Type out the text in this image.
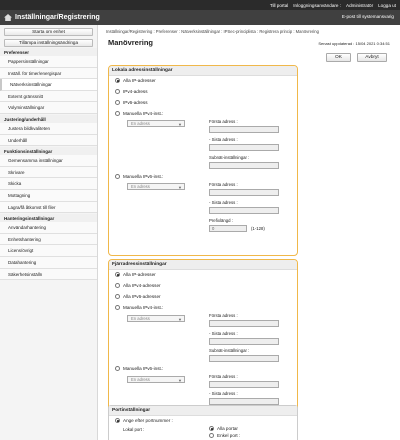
Till portal Inloggningsanvändare : Administratör Logga ut
Inställningar/Registrering	E-post till systemansvarig
Starta om enhet
Tillämpa inställningsändringa
Preferenser
Pappersinställningar
Inställ. för timer/energispar
Nätverksinställningar
Externt gränssnitt
Volyminställningar
Justering/underhåll
Justera bildkvaliteten
Underhåll
Funktionsinställningar
Gemensamma inställningar
Skrivare
Skicka
Mottagning
Lagra/få åtkomst till filer
Hanteringsinställningar
Användarhantering
Enhetshantering
Licens/övrigt
Datahantering
Säkerhetsinställn
Inställningar/Registrering : Preferenser : Nätverksinställningar : IPSec-principlista : Registrera princip : Manövrering
Manövrering	Senast uppdaterad : 15/04 2021 0:34:51
OK	Avbryt
Lokala adressinställningar
Alla IP-adresser
IPv4-adress
IPv6-adress
Manuella IPv4-inst.:
En adress	▼
Första adress :
- Sista adress :
Subnät-inställningar :
Manuella IPv6-inst.:
En adress	▼
Första adress :
- Sista adress :
Prefixlängd :
0	(1-128)
Fjärradressinställningar
Alla IP-adresser
Alla IPv4-adresser
Alla IPv6-adresser
Manuella IPv4-inst.:
En adress	▼
Första adress :
- Sista adress :
Subnät-inställningar :
Manuella IPv6-inst.:
En adress	▼
Första adress :
- Sista adress :
Portinställningar
Ange efter portnummer :
Lokal port :	Alla portar
Enkel port :
